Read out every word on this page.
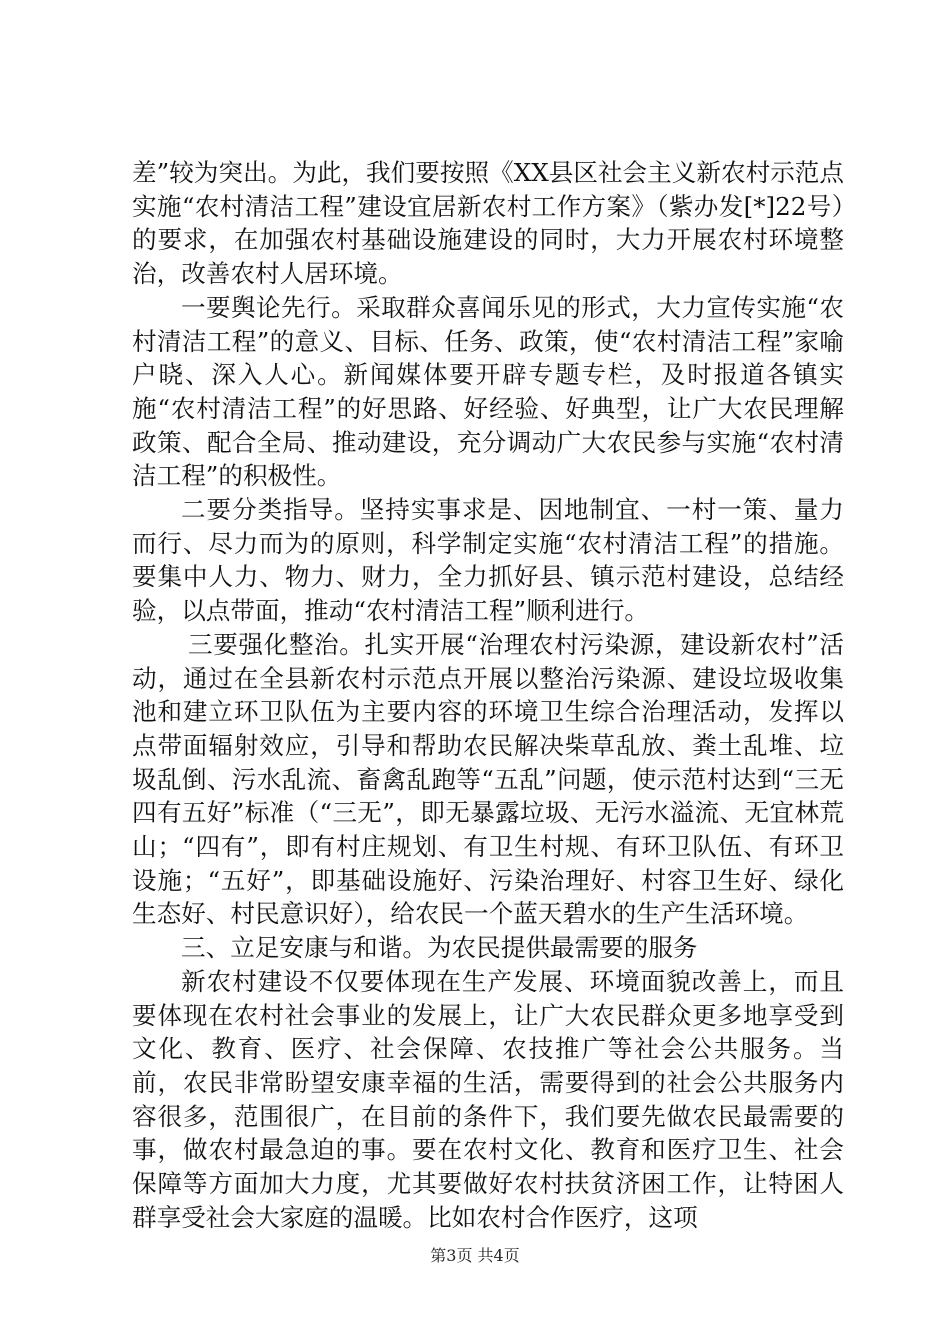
差”较为突出。为此，我们要按照《XX县区社会主义新农村示范点实施“农村清洁工程”建设宜居新农村工作方案》（紫办发[*]22号）的要求，在加强农村基础设施建设的同时，大力开展农村环境整治，改善农村人居环境。

一要舆论先行。采取群众喜闻乐见的形式，大力宣传实施“农村清洁工程”的意义、目标、任务、政策，使“农村清洁工程”家喻户晓、深入人心。新闻媒体要开辟专题专栏，及时报道各镇实施“农村清洁工程”的好思路、好经验、好典型，让广大农民理解政策、配合全局、推动建设，充分调动广大农民参与实施“农村清洁工程”的积极性。

二要分类指导。坚持实事求是、因地制宜、一村一策、量力而行、尽力而为的原则，科学制定实施“农村清洁工程”的措施。要集中人力、物力、财力，全力抓好县、镇示范村建设，总结经验，以点带面，推动“农村清洁工程”顺利进行。

三要强化整治。扎实开展“治理农村污染源，建设新农村”活动，通过在全县新农村示范点开展以整治污染源、建设垃圾收集池和建立环卫队伍为主要内容的环境卫生综合治理活动，发挥以点带面辐射效应，引导和帮助农民解决柴草乱放、粪土乱堆、垃圾乱倒、污水乱流、畜禽乱跑等“五乱”问题，使示范村达到“三无四有五好”标准（“三无”，即无暴露垃圾、无污水溢流、无宜林荒山；“四有”，即有村庄规划、有卫生村规、有环卫队伍、有环卫设施；“五好”，即基础设施好、污染治理好、村容卫生好、绿化生态好、村民意识好），给农民一个蓝天碧水的生产生活环境。

三、立足安康与和谐。为农民提供最需要的服务

新农村建设不仅要体现在生产发展、环境面貌改善上，而且要体现在农村社会事业的发展上，让广大农民群众更多地享受到文化、教育、医疗、社会保障、农技推广等社会公共服务。当前，农民非常盼望安康幸福的生活，需要得到的社会公共服务内容很多，范围很广，在目前的条件下，我们要先做农民最需要的事，做农村最急迫的事。要在农村文化、教育和医疗卫生、社会保障等方面加大力度，尤其要做好农村扶贫济困工作，让特困人群享受社会大家庭的温暖。比如农村合作医疗，这项

第3页 共4页
